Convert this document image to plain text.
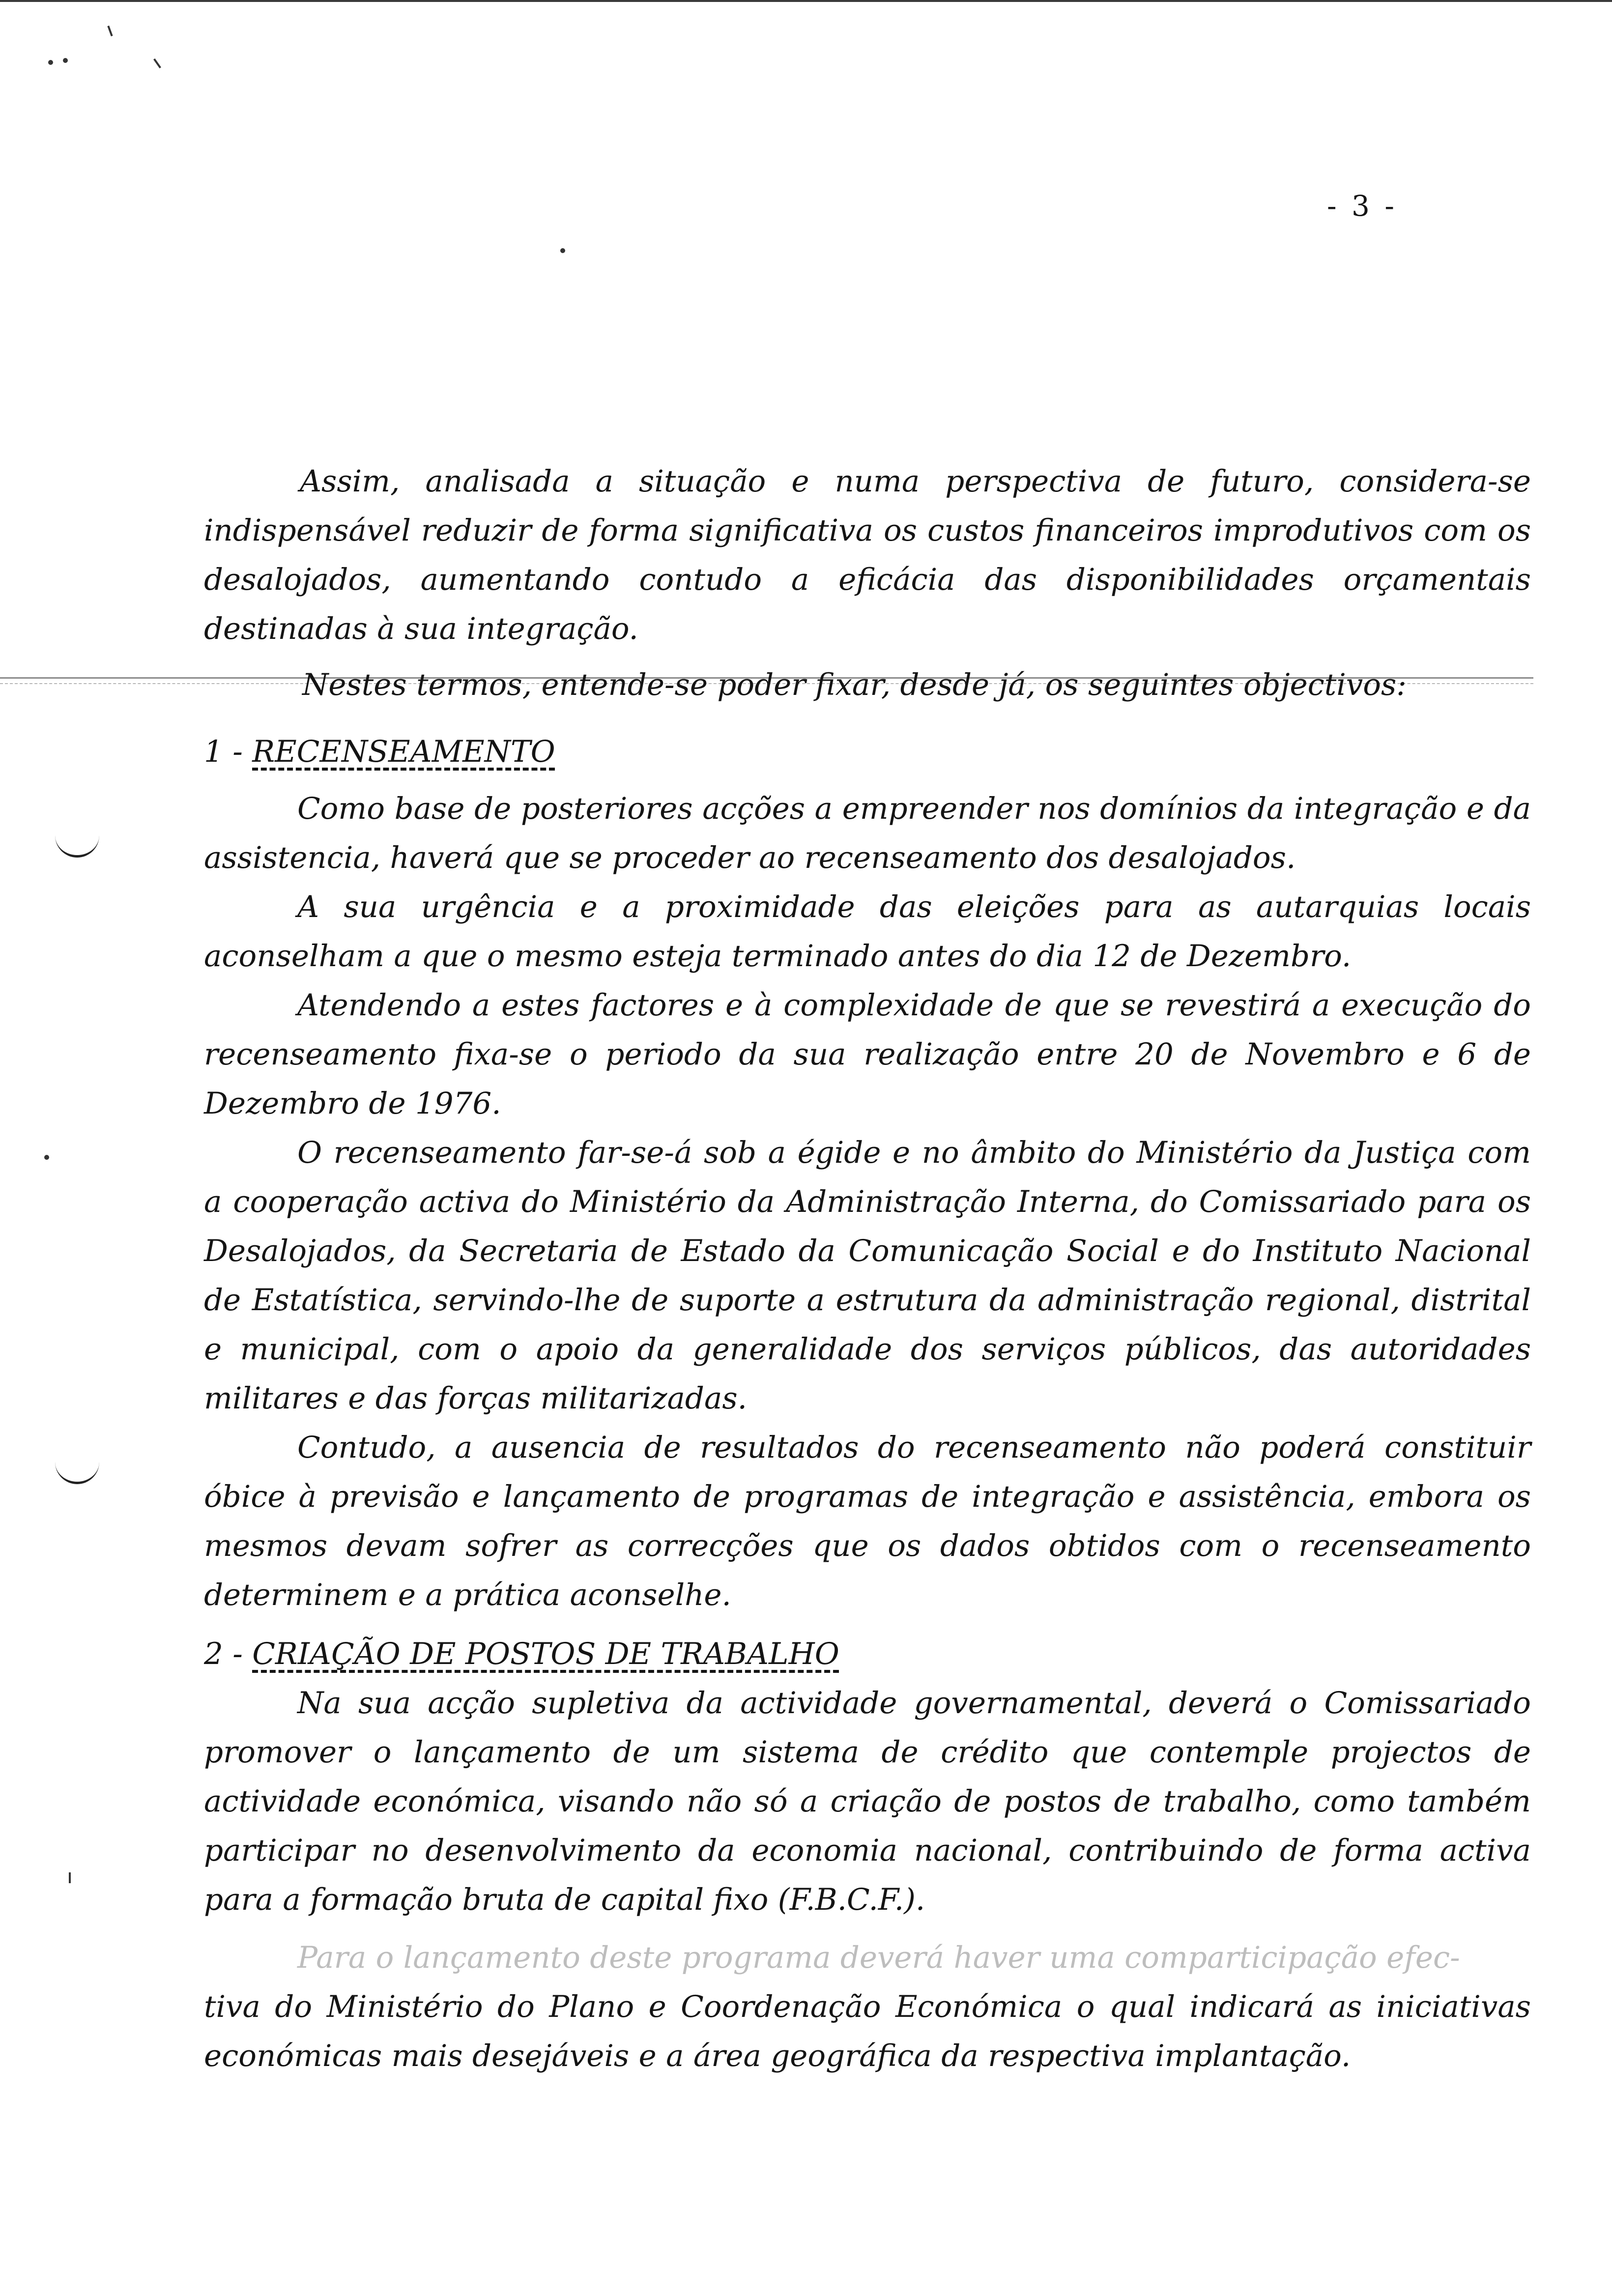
- 3 -

Assim, analisada a situação e numa perspectiva de futuro, considera-se indispensável reduzir de forma significativa os custos financeiros improdutivos com os desalojados, aumentando contudo a eficácia das disponibilidades orçamentais destinadas à sua integração.

Nestes termos, entende-se poder fixar, desde já, os seguintes objectivos:

1 - RECENSEAMENTO

Como base de posteriores acções a empreender nos domínios da integração e da assistencia, haverá que se proceder ao recenseamento dos desalojados.

A sua urgência e a proximidade das eleições para as autarquias locais aconselham a que o mesmo esteja terminado antes do dia 12 de Dezembro.

Atendendo a estes factores e à complexidade de que se revestirá a execução do recenseamento fixa-se o periodo da sua realização entre 20 de Novembro e 6 de Dezembro de 1976.

O recenseamento far-se-á sob a égide e no âmbito do Ministério da Justiça com a cooperação activa do Ministério da Administração Interna, do Comissariado para os Desalojados, da Secretaria de Estado da Comunicação Social e do Instituto Nacional de Estatística, servindo-lhe de suporte a estrutura da administração regional, distrital e municipal, com o apoio da generalidade dos serviços públicos, das autoridades militares e das forças militarizadas.

Contudo, a ausencia de resultados do recenseamento não poderá constituir óbice à previsão e lançamento de programas de integração e assistência, embora os mesmos devam sofrer as correcções que os dados obtidos com o recenseamento determinem e a prática aconselhe.

2 - CRIAÇÃO DE POSTOS DE TRABALHO

Na sua acção supletiva da actividade governamental, deverá o Comissariado promover o lançamento de um sistema de crédito que contemple projectos de actividade económica, visando não só a criação de postos de trabalho, como também participar no desenvolvimento da economia nacional, contribuindo de forma activa para a formação bruta de capital fixo (F.B.C.F.).

Para o lançamento deste programa deverá haver uma comparticipação efec-

tiva do Ministério do Plano e Coordenação Económica o qual indicará as iniciativas económicas mais desejáveis e a área geográfica da respectiva implantação.
